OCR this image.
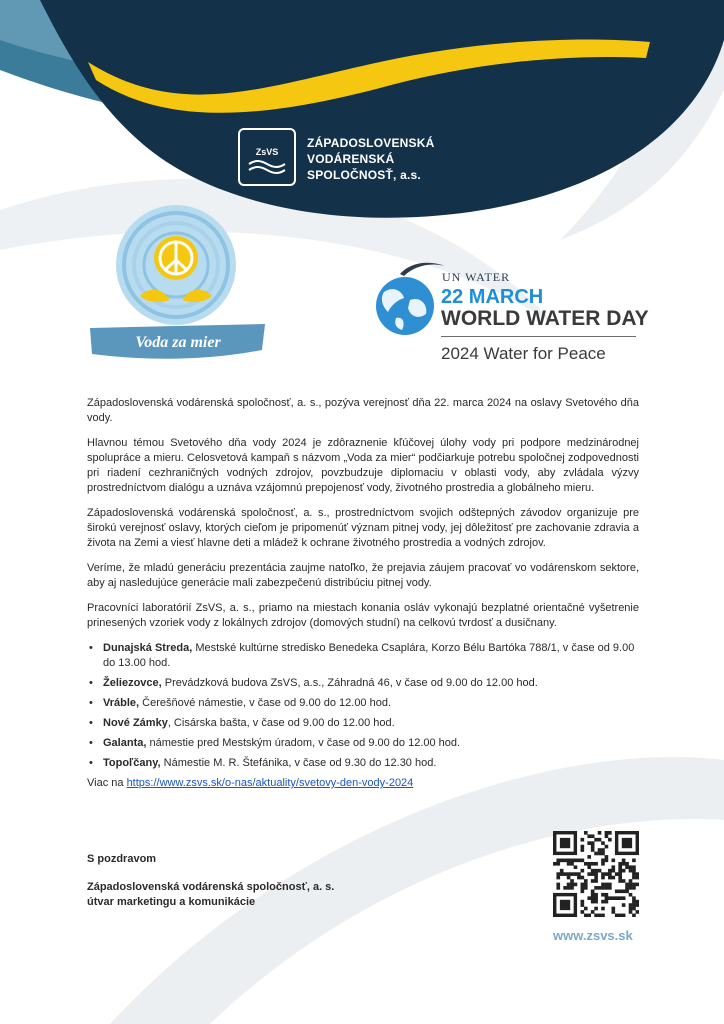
ZsVS
ZÁPADOSLOVENSKÁ
VODÁRENSKÁ
SPOLOČNOSŤ, a.s.
Voda za mier
UN WATER
22 MARCH
WORLD WATER DAY
2024 Water for Peace

Západoslovenská vodárenská spoločnosť, a. s., pozýva verejnosť dňa 22. marca 2024 na oslavy Svetového dňa vody.

Hlavnou témou Svetového dňa vody 2024 je zdôraznenie kľúčovej úlohy vody pri podpore medzinárodnej spolupráce a mieru. Celosvetová kampaň s názvom „Voda za mier“ podčiarkuje potrebu spoločnej zodpovednosti pri riadení cezhraničných vodných zdrojov, povzbudzuje diplomaciu v oblasti vody, aby zvládala výzvy prostredníctvom dialógu a uznáva vzájomnú prepojenosť vody, životného prostredia a globálneho mieru.

Západoslovenská vodárenská spoločnosť, a. s., prostredníctvom svojich odštepných závodov organizuje pre širokú verejnosť oslavy, ktorých cieľom je pripomenúť význam pitnej vody, jej dôležitosť pre zachovanie zdravia a života na Zemi a viesť hlavne deti a mládež k ochrane životného prostredia a vodných zdrojov.

Veríme, že mladú generáciu prezentácia zaujme natoľko, že prejavia záujem pracovať vo vodárenskom sektore, aby aj nasledujúce generácie mali zabezpečenú distribúciu pitnej vody.

Pracovníci laboratórií ZsVS, a. s., priamo na miestach konania osláv vykonajú bezplatné orientačné vyšetrenie prinesených vzoriek vody z lokálnych zdrojov (domových studní) na celkovú tvrdosť a dusičnany.

• Dunajská Streda, Mestské kultúrne stredisko Benedeka Csaplára, Korzo Bélu Bartóka 788/1, v čase od 9.00 do 13.00 hod.
• Želiezovce, Prevádzková budova ZsVS, a.s., Záhradná 46, v čase od 9.00 do 12.00 hod.
• Vráble, Čerešňové námestie, v čase od 9.00 do 12.00 hod.
• Nové Zámky, Cisárska bašta, v čase od 9.00 do 12.00 hod.
• Galanta, námestie pred Mestským úradom, v čase od 9.00 do 12.00 hod.
• Topoľčany, Námestie M. R. Štefánika, v čase od 9.30 do 12.30 hod.
Viac na https://www.zsvs.sk/o-nas/aktuality/svetovy-den-vody-2024
S pozdravom
Západoslovenská vodárenská spoločnosť, a. s.
útvar marketingu a komunikácie
www.zsvs.sk
